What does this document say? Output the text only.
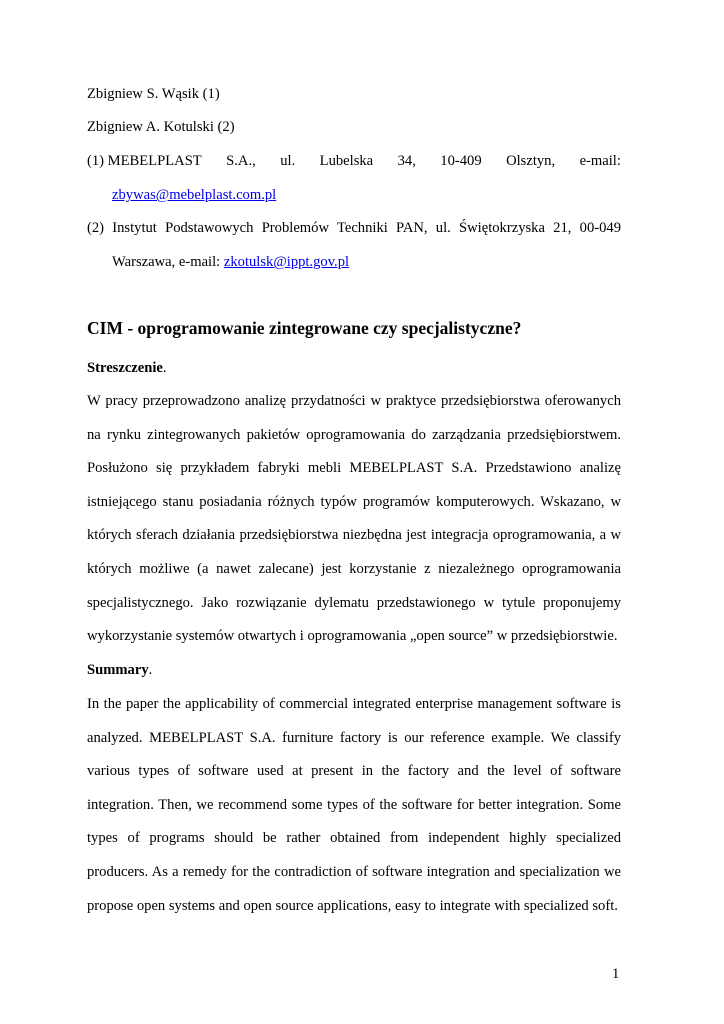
Zbigniew S. Wąsik (1)
Zbigniew A. Kotulski (2)
(1) MEBELPLAST S.A., ul. Lubelska 34, 10-409 Olsztyn, e-mail:
zbywas@mebelplast.com.pl
(2) Instytut Podstawowych Problemów Techniki PAN, ul. Świętokrzyska 21, 00-049
Warszawa, e-mail: zkotulsk@ippt.gov.pl
CIM - oprogramowanie zintegrowane czy specjalistyczne?
Streszczenie.
W pracy przeprowadzono analizę przydatności w praktyce przedsiębiorstwa oferowanych
na rynku zintegrowanych pakietów oprogramowania do zarządzania przedsiębiorstwem.
Posłużono się przykładem fabryki mebli MEBELPLAST S.A. Przedstawiono analizę
istniejącego stanu posiadania różnych typów programów komputerowych. Wskazano, w
których sferach działania przedsiębiorstwa niezbędna jest integracja oprogramowania, a w
których możliwe (a nawet zalecane) jest korzystanie z niezależnego oprogramowania
specjalistycznego. Jako rozwiązanie dylematu przedstawionego w tytule proponujemy
wykorzystanie systemów otwartych i oprogramowania „open source” w przedsiębiorstwie.
Summary.
In the paper the applicability of commercial integrated enterprise management software is
analyzed. MEBELPLAST S.A. furniture factory is our reference example. We classify
various types of software used at present in the factory and the level of software
integration. Then, we recommend some types of the software for better integration. Some
types of programs should be rather obtained from independent highly specialized
producers. As a remedy for the contradiction of software integration and specialization we
propose open systems and open source applications, easy to integrate with specialized soft.
1
